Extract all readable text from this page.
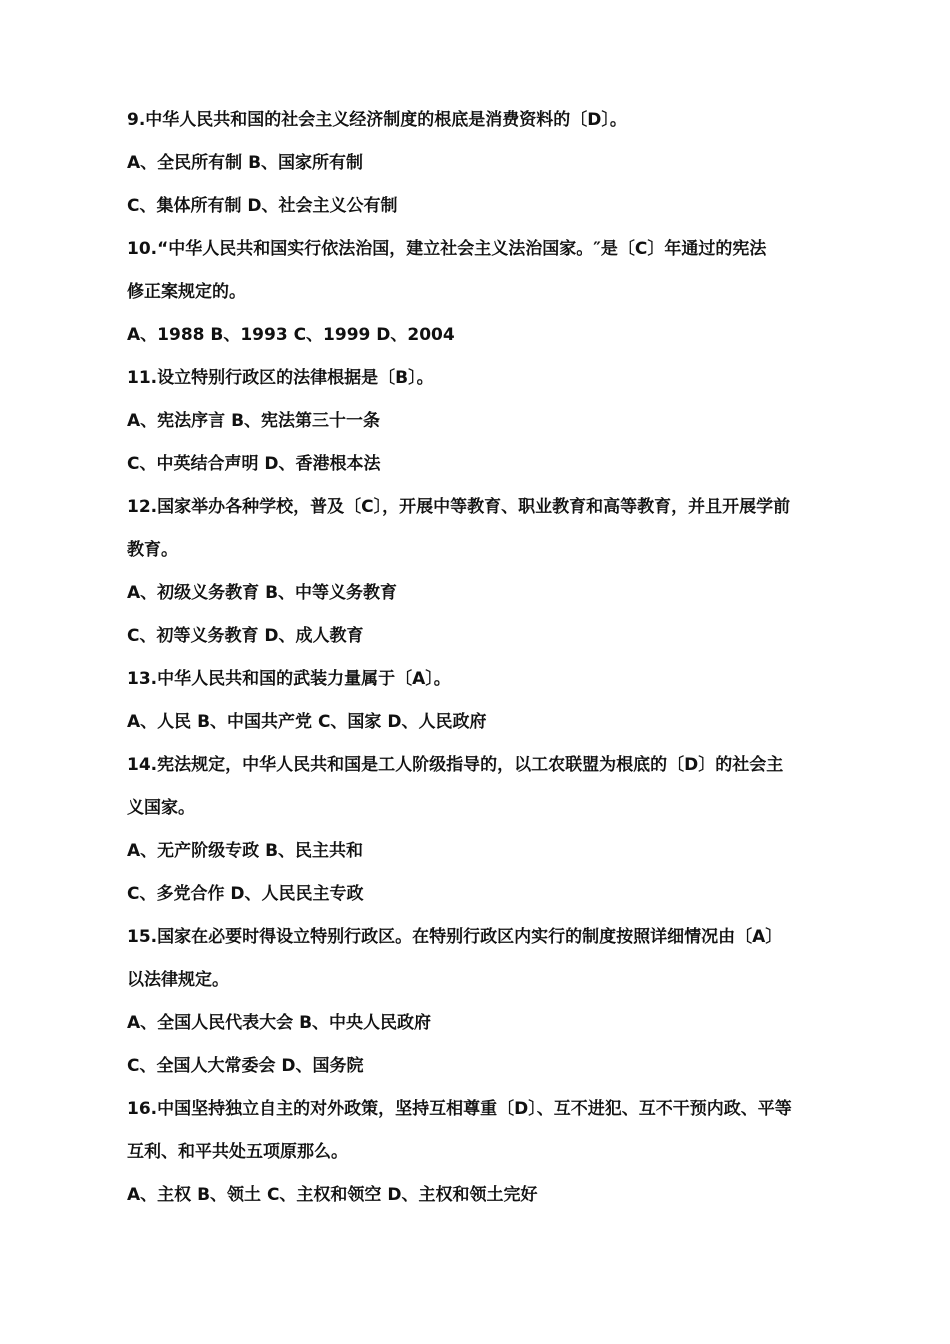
9.中华人民共和国的社会主义经济制度的根底是消费资料的〔D〕。
A、全民所有制 B、国家所有制
C、集体所有制 D、社会主义公有制
10.“中华人民共和国实行依法治国，建立社会主义法治国家。″是〔C〕年通过的宪法
修正案规定的。
A、1988 B、1993 C、1999 D、2004
11.设立特别行政区的法律根据是〔B〕。
A、宪法序言 B、宪法第三十一条
C、中英结合声明 D、香港根本法
12.国家举办各种学校，普及〔C〕，开展中等教育、职业教育和高等教育，并且开展学前
教育。
A、初级义务教育 B、中等义务教育
C、初等义务教育 D、成人教育
13.中华人民共和国的武装力量属于〔A〕。
A、人民 B、中国共产党 C、国家 D、人民政府
14.宪法规定，中华人民共和国是工人阶级指导的，以工农联盟为根底的〔D〕的社会主
义国家。
A、无产阶级专政 B、民主共和
C、多党合作 D、人民民主专政
15.国家在必要时得设立特别行政区。在特别行政区内实行的制度按照详细情况由〔A〕
以法律规定。
A、全国人民代表大会 B、中央人民政府
C、全国人大常委会 D、国务院
16.中国坚持独立自主的对外政策，坚持互相尊重〔D〕、互不进犯、互不干预内政、平等
互利、和平共处五项原那么。
A、主权 B、领土 C、主权和领空 D、主权和领土完好
